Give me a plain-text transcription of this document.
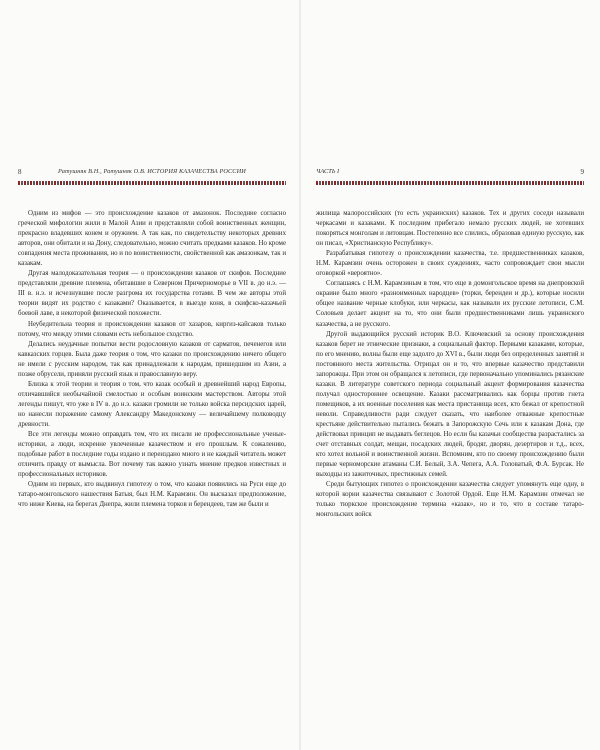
8	Ратушняк В.Н., Ратушняк О.В. ИСТОРИЯ КАЗАЧЕСТВА РОССИИ

Одним из мифов — это происхождение казаков от амазонок. Последние согласно греческой мифологии жили в Малой Азии и представляли собой воинственных женщин, прекрасно владевших конем и оружием. А так как, по свидетельству некоторых древних авторов, они обитали и на Дону, следовательно, можно считать предками казаков. Но кроме совпадения места проживания, но и по воинственности, свойственной как амазонкам, так и казакам.

Другая малодоказательная теория — о происхождении казаков от скифов. Последние представляли древние племена, обитавшие в Северном Причерноморье в VII в. до н.э. — III в. н.э. и исчезнувшие после разгрома их государства готами. В чем же авторы этой теории видят их родство с казаками? Оказывается, в выезде коня, в скифско-казачьей боевой лаве, в некоторой физической похожести.

Неубедительна теория и происхождении казаков от хазаров, киргиз-кайсаков только потому, что между этими словами есть небольшое сходство.

Делались неудачные попытки вести родословную казаков от сарматов, печенегов или кавказских горцев. Была даже теория о том, что казаки по происхождению ничего общего не имели с русским народом, так как принадлежали к народам, пришедшим из Азии, а позже обрусели, приняли русский язык и православную веру.

Близка к этой теории и теория о том, что казак особый и древнейший народ Европы, отличавшийся необычайной смелостью и особым воинским мастерством. Авторы этой легенды пишут, что уже в IV в. до н.э. казаки громили не только войска персидских царей, но нанесли поражение самому Александру Македонскому — величайшему полководцу древности.

Все эти легенды можно оправдать тем, что их писали не профессиональные ученые-историки, а люди, искренне увлеченные казачеством и его прошлым. К сожалению, подобные работ в последние годы издано и переиздано много и не каждый читатель может отличить правду от вымысла. Вот почему так важно узнать мнение предков известных и профессиональных историков.

Одним из первых, кто выдвинул гипотезу о том, что казаки появились на Руси еще до татаро-монгольского нашествия Батыя, был Н.М. Карамзин. Он высказал предположение, что ниже Киева, на берегах Днепра, жили племена торков и берендеев, там же были и

ЧАСТЬ I	9

жилища малороссийских (то есть украинских) казаков. Тех и других соседи называли черкасами и казаками. К последним прибегало немало русских людей, не хотевших покоряться монголам и литовцам. Постепенно все слились, образовав единую русскую, как он писал, «Христианскую Республику».

Разрабатывая гипотезу о происхождении казачества, т.е. предшественниках казаков, Н.М. Карамзин очень осторожен в своих суждениях, часто сопровождает свои мысли оговоркой «вероятно».

Соглашаясь с Н.М. Карамзиным в том, что еще в домонгольское время на днепровской окраине было много «разноименных народцев» (торки, берендеи и др.), которые носили общее название черные клобуки, или черкасы, как называли их русские летописи, С.М. Соловьев делает акцент на то, что они были предшественниками лишь украинского казачества, а не русского.

Другой выдающийся русский историк В.О. Ключевский за основу происхождения казаков берет не этнические признаки, а социальный фактор. Первыми казаками, которые, по его мнению, волны были еще задолго до XVI в., были люди без определенных занятий и постоянного места жительства. Отрицал он и то, что впервые казачество представили запорожцы. При этом он обращался к летописи, где первоначально упоминались рязанские казаки. В литературе советского периода социальный акцент формирования казачества получал одностороннее освещение. Казаки рассматривались как борцы против гнета помещиков, а их военные поселения как места пристанища всех, кто бежал от крепостной неволи. Справедливости ради следует сказать, что наиболее отважные крепостные крестьяне действительно пытались бежать в Запорожскую Сечь или к казакам Дона, где действовал принцип не выдавать беглецов. Но если бы казачьи сообщества разрастались за счет отставных солдат, мещан, посадских людей, бродяг, дворян, дезертиров и т.д., всех, кто хотел вольной и воинственной жизни. Вспомним, кто по своему происхождению были первые черноморские атаманы С.И. Белый, З.А. Чепега, А.А. Головатый, Ф.А. Бурсак. Не выходцы из зажиточных, престижных семей.

Среди бытующих гипотез о происхождении казачества следует упомянуть еще одну, в которой корни казачества связывают с Золотой Ордой. Еще Н.М. Карамзин отмечал не только тюркское происхождение термина «казак», но и то, что в составе татаро-монгольских войск
